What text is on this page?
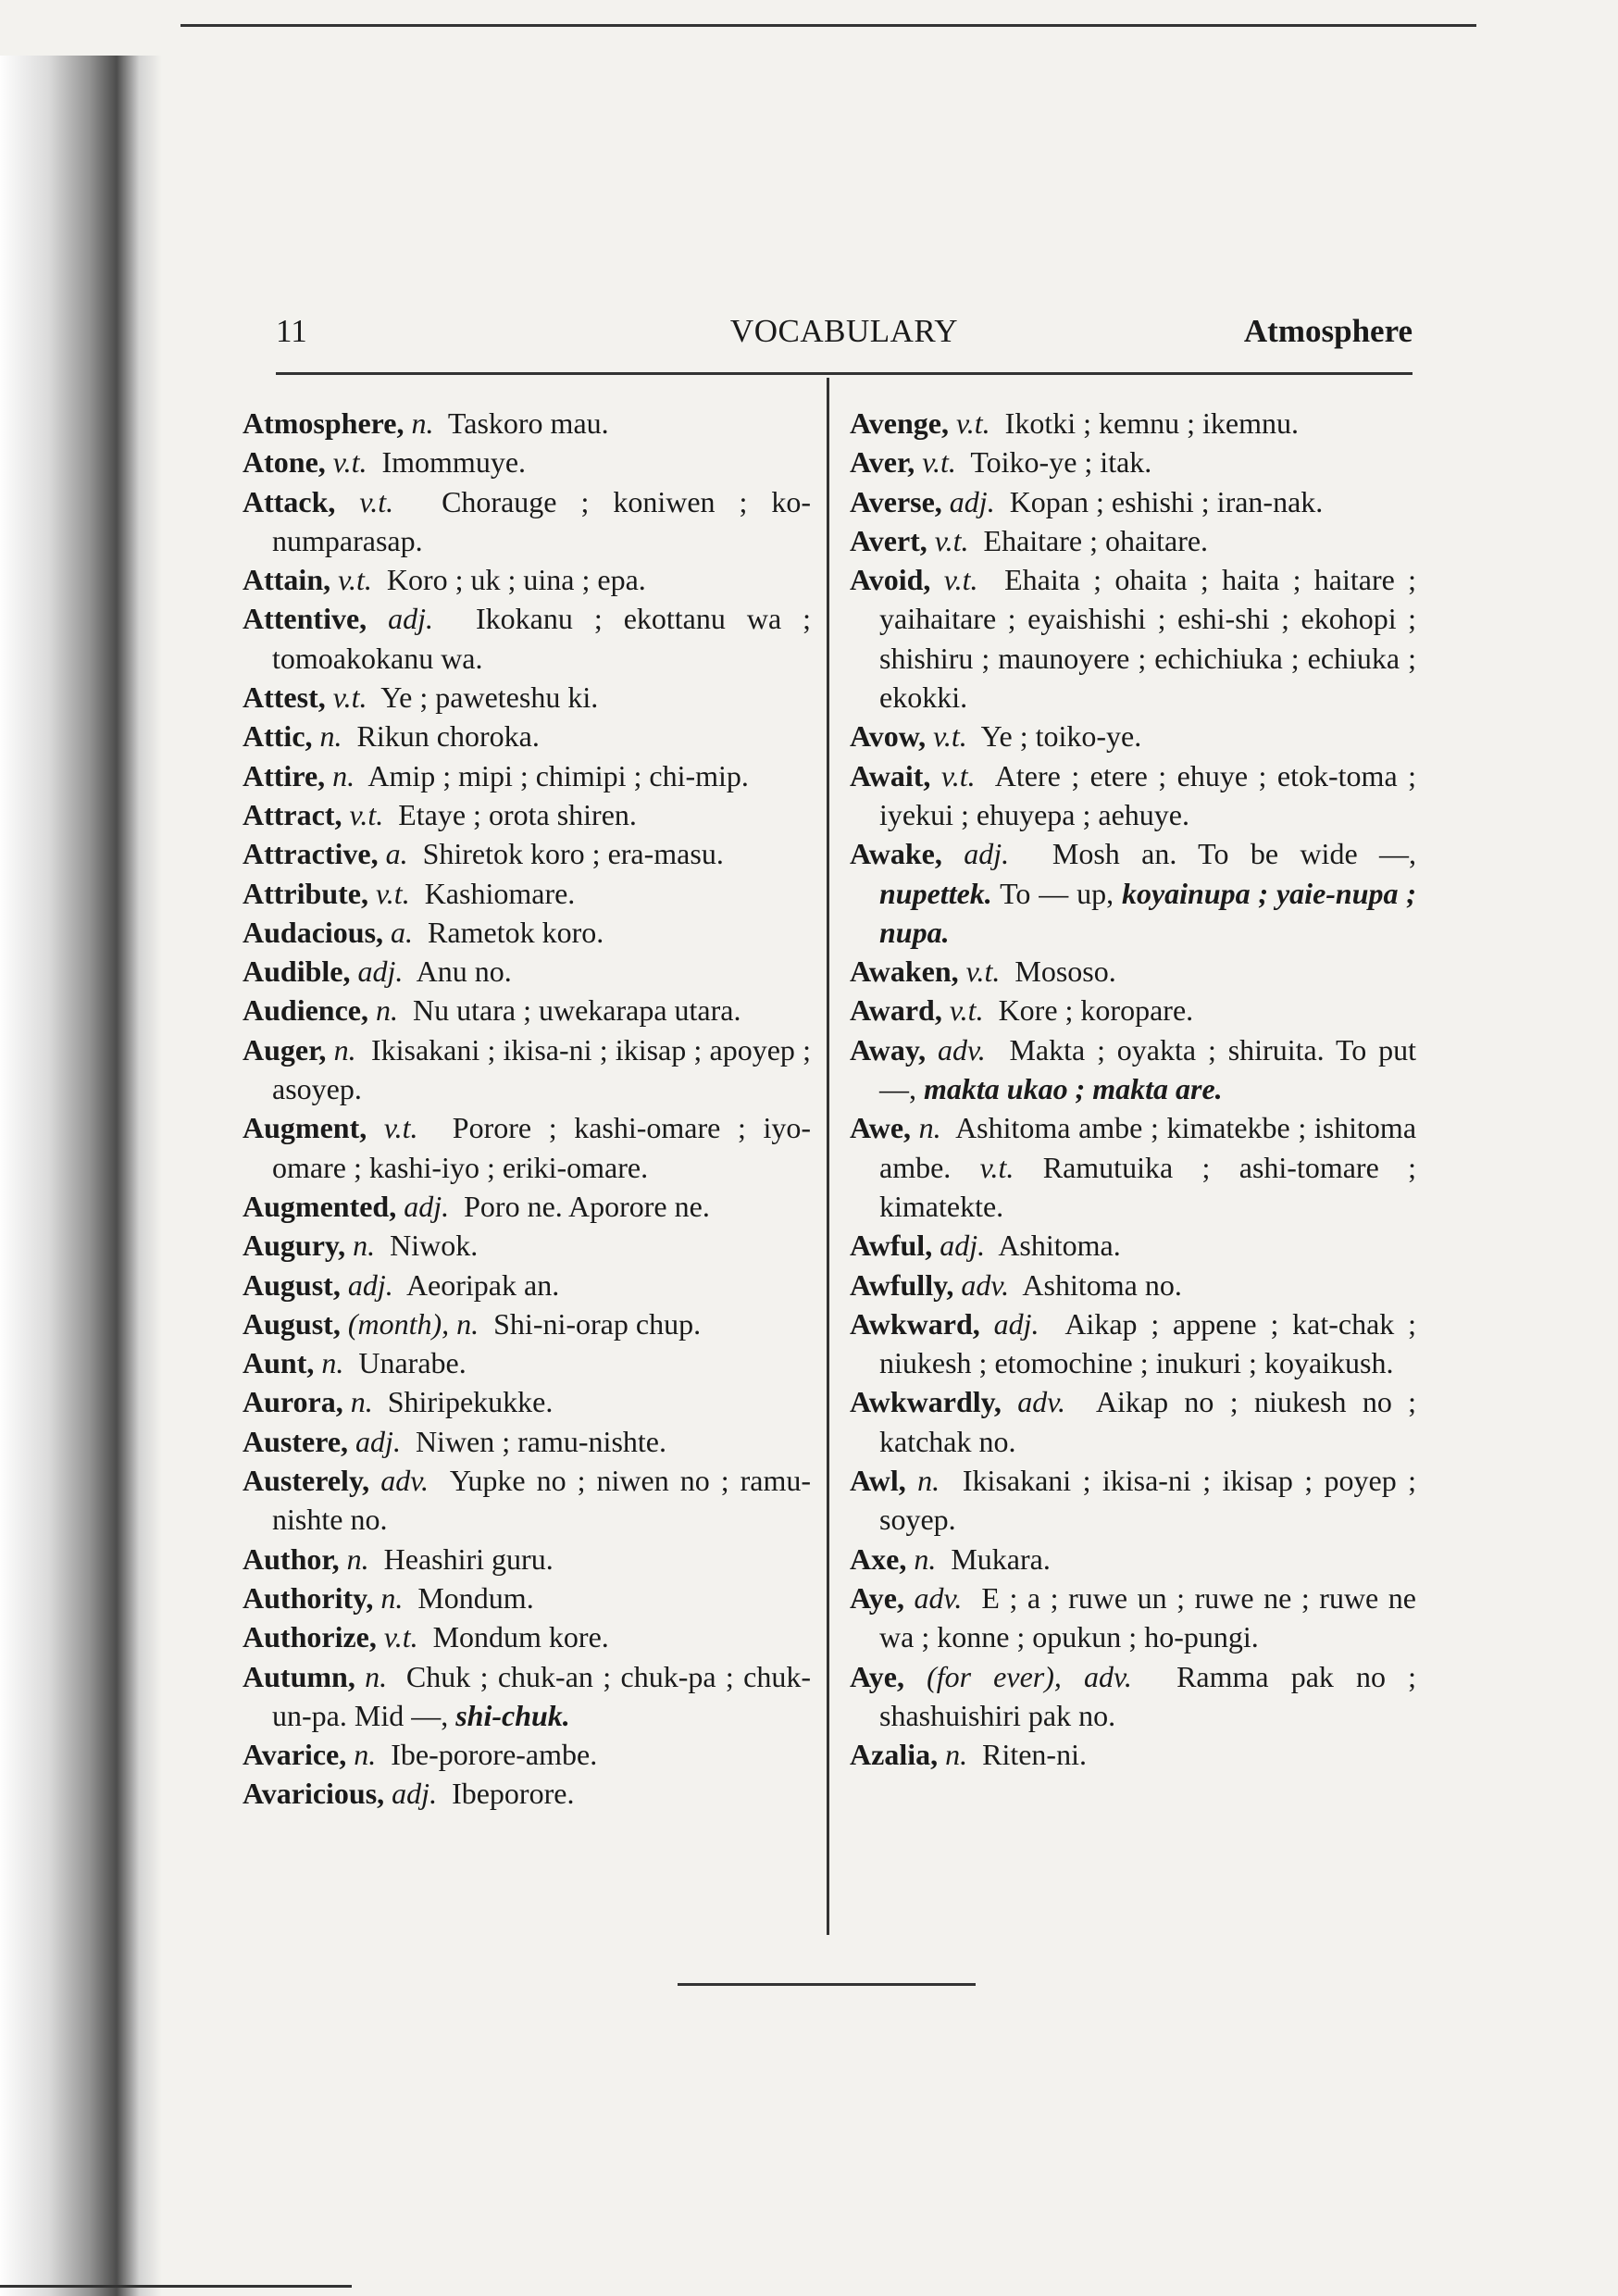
11	VOCABULARY	Atmosphere
Atmosphere, n. Taskoro mau.
Atone, v.t. Imommuye.
Attack, v.t. Chorauge ; koniwen ; ko-numparasap.
Attain, v.t. Koro ; uk ; uina ; epa.
Attentive, adj. Ikokanu ; ekottanu wa ; tomoakokanu wa.
Attest, v.t. Ye ; paweteshu ki.
Attic, n. Rikun choroka.
Attire, n. Amip ; mipi ; chimipi ; chi-mip.
Attract, v.t. Etaye ; orota shiren.
Attractive, a. Shiretok koro ; era-masu.
Attribute, v.t. Kashiomare.
Audacious, a. Rametok koro.
Audible, adj. Anu no.
Audience, n. Nu utara ; uwekarapa utara.
Auger, n. Ikisakani ; ikisa-ni ; ikisap ; apoyep ; asoyep.
Augment, v.t. Porore ; kashi-omare ; iyo-omare ; kashi-iyo ; eriki-omare.
Augmented, adj. Poro ne. Aporore ne.
Augury, n. Niwok.
August, adj. Aeoripak an.
August, (month), n. Shi-ni-orap chup.
Aunt, n. Unarabe.
Aurora, n. Shiripekukke.
Austere, adj. Niwen ; ramu-nishte.
Austerely, adv. Yupke no ; niwen no ; ramu-nishte no.
Author, n. Heashiri guru.
Authority, n. Mondum.
Authorize, v.t. Mondum kore.
Autumn, n. Chuk ; chuk-an ; chuk-pa ; chuk-un-pa. Mid —, shi-chuk.
Avarice, n. Ibe-porore-ambe.
Avaricious, adj. Ibeporore.
Avenge, v.t. Ikotki ; kemnu ; ikemnu.
Aver, v.t. Toiko-ye ; itak.
Averse, adj. Kopan ; eshishi ; iran-nak.
Avert, v.t. Ehaitare ; ohaitare.
Avoid, v.t. Ehaita ; ohaita ; haita ; haitare ; yaihaitare ; eyaishishi ; eshi-shi ; ekohopi ; shishiru ; maunoyere ; echichiuka ; echiuka ; ekokki.
Avow, v.t. Ye ; toiko-ye.
Await, v.t. Atere ; etere ; ehuye ; etok-toma ; iyekui ; ehuyepa ; aehuye.
Awake, adj. Mosh an. To be wide —, nupettek. To — up, koyainupa ; yaie-nupa ; nupa.
Awaken, v.t. Mososo.
Award, v.t. Kore ; koropare.
Away, adv. Makta ; oyakta ; shiruita. To put —, makta ukao ; makta are.
Awe, n. Ashitoma ambe ; kimatekbe ; ishitoma ambe. v.t. Ramutuika ; ashi-tomare ; kimatekte.
Awful, adj. Ashitoma.
Awfully, adv. Ashitoma no.
Awkward, adj. Aikap ; appene ; kat-chak ; niukesh ; etomochine ; inukuri ; koyaikush.
Awkwardly, adv. Aikap no ; niukesh no ; katchak no.
Awl, n. Ikisakani ; ikisa-ni ; ikisap ; poyep ; soyep.
Axe, n. Mukara.
Aye, adv. E ; a ; ruwe un ; ruwe ne ; ruwe ne wa ; konne ; opukun ; ho-pungi.
Aye, (for ever), adv. Ramma pak no ; shashuishiri pak no.
Azalia, n. Riten-ni.
